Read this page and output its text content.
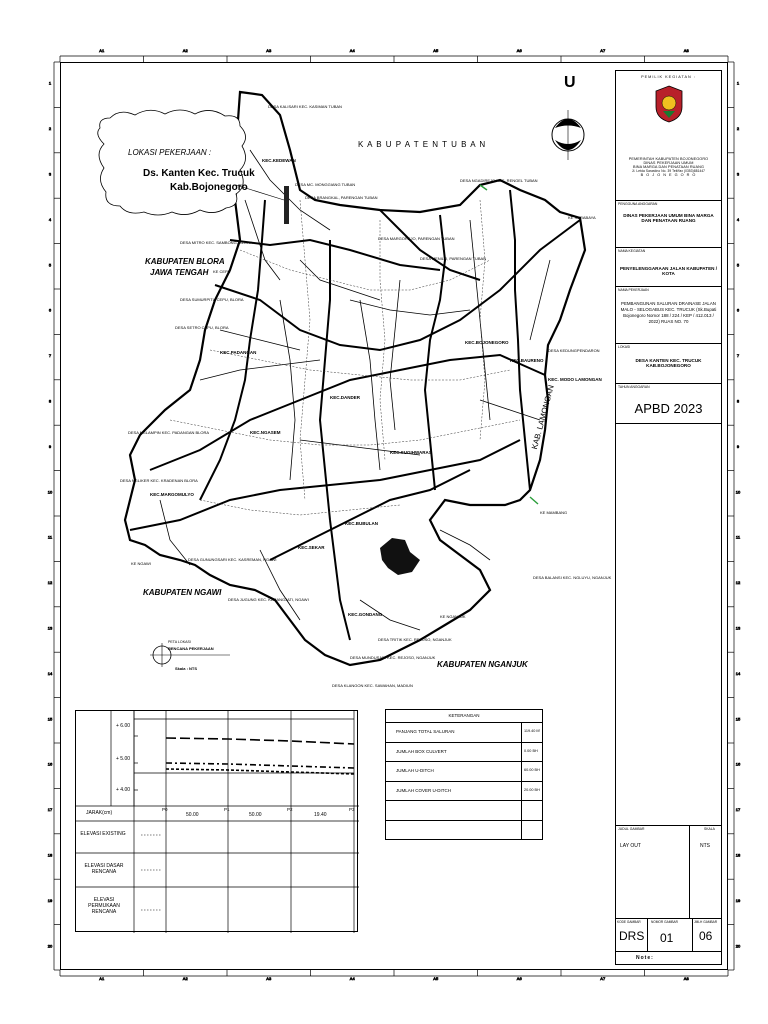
A1
A1
A2
A2
A3
A3
A4
A4
A5
A5
A6
A6
A7
A7
A8
A8
1	1
2	2
3	3
4	4
5	5
6	6
7	7
8	8
9	9
10	10
11	11
12	12
13	13
14	14
15	15
16	16
17	17
18	18
19	19
20	20
LOKASI PEKERJAAN :
Ds. Kanten Kec. Trucuk
Kab.Bojonegoro
K A B U P A T E N T U B A N
KABUPATEN BLORA
JAWA TENGAH
KABUPATEN NGAWI
KABUPATEN NGANJUK
KAB. LAMONGAN
U
PETA LOKASI
RENCANA PEKERJAAN
Skala : NTS
DESA KALISARI KEC. KASIMAN TUBAN
KEC.KEDEWAN
DESA MC. MONGGIANG TUBAN
DESA BRANGKAL, PARENGAN TUBAN
DESA NGADIREJO KEC. RENGEL TUBAN
KE SURABAYA
DESA MARGOREJO, PARENGAN TUBAN
DESA MITRO KEC. SAMBONG, BLORA
KE CEPU
DESA MENILO, PARENGAN TUBAN
DESA SUMURPITU CEPU, BLORA
DESA SETRO CEPU, BLORA
KEC.PADANGAN
KEC.BOJONEGORO
KEC.DANDER
KEC.BAURENO
DESA KEDUNGPENDARON
KEC. MODO LAMONGAN
KEC.NGASEM
KEC.SUGIHWARAS
DESA NGLAMPIN KEC. PADANGAN BLORA
DESA NGLIKER KEC. KRADENAN BLORA
KEC.MARGOMULYO
KE NGAWI
DESA GUNUNGSARI KEC. KASREMAN, NGAWI
KEC.BUBULAN
KEC.SEKAR
KE MAMBANG
DESA BALANSI KEC. NGLUYU, NGANJUK
DESA JUGUNG KEC. KARANGJATI, NGAWI
KEC.GONDANG	KE NGANJUK
DESA TRITIK KEC. REJOSO, NGANJUK
DESA MUNDUSARI KEC. REJOSO, NGANJUK
DESA KLANGON KEC. SAWAHAN, MADIUN
PEMILIK KEGIATAN :
PEMERINTAH KABUPATEN BOJONEGORO
DINAS PEKERJAAN UMUM
BINA MARGA DAN PENATAAN RUANG
Jl. Letda Sarastino No. 39 Telf/fax (0353)881447
B O J O N E G O R O
PENGGUNA ANGGARAN
DINAS PEKERJAAN UMUM BINA MARGA DAN PENATAAN RUANG
NAMA KEGIATAN
PENYELENGGARAAN JALAN KABUPATEN / KOTA
NAMA PEKERJAAN
PEMBANGUNAN SALURAN DRAINASE JALAN MALO - SELOGABUS KEC. TRUCUK (Sk.Bupati Bojonegoro Nomor 188 / 224 / KEP / 412.013 / 2022) RUAS NO. 70
LOKASI
DESA KANTEN KEC. TRUCUK KAB.BOJONEGORO
TAHUN ANGGARAN
APBD 2023
JUDUL GAMBAR	SKALA
LAY OUT	NTS
KODE GAMBAR	NOMOR GAMBAR	JMLH GAMBAR
DRS 01 06
Note:
+ 6.00
+ 5.00
+ 4.00
JARAK(cm)
P0	P1	P2	P3
50.00	50.00	19.40
ELEVASI EXISTING
ELEVASI DASAR RENCANA
ELEVASI PERMUKAAN RENCANA
KETERANGAN
PANJANG TOTAL SALURAN	119.40 M'
JUMLAH BOX CULVERT	0.00 BH
JUMLAH U-DITCH	60.00 BH
JUMLAH COVER U-DITCH	20.00 BH
